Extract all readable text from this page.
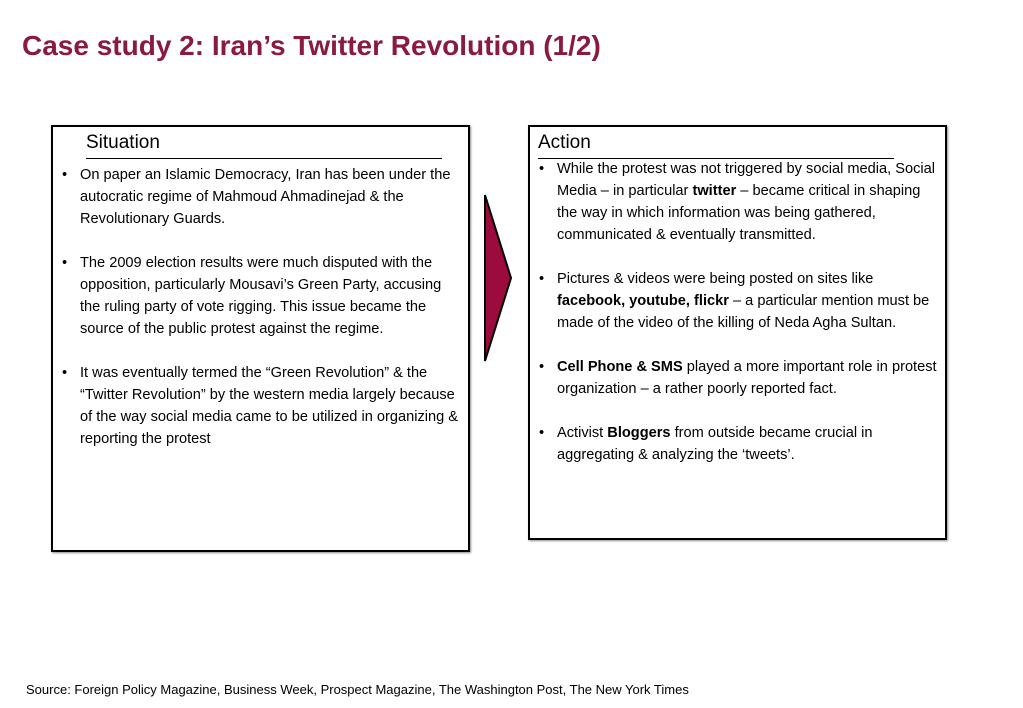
Case study 2: Iran’s Twitter Revolution (1/2)
Situation
• On paper an Islamic Democracy, Iran has been under the autocratic regime of Mahmoud Ahmadinejad & the Revolutionary Guards.
• The 2009 election results were much disputed with the opposition, particularly Mousavi’s Green Party, accusing the ruling party of vote rigging. This issue became the source of the public protest against the regime.
• It was eventually termed the “Green Revolution” & the “Twitter Revolution” by the western media largely because of the way social media came to be utilized in organizing & reporting the protest
Action
• While the protest was not triggered by social media, Social Media – in particular twitter – became critical in shaping the way in which information was being gathered, communicated & eventually transmitted.
• Pictures & videos were being posted on sites like facebook, youtube, flickr – a particular mention must be made of the video of the killing of Neda Agha Sultan.
• Cell Phone & SMS played a more important role in protest organization – a rather poorly reported fact.
• Activist Bloggers from outside became crucial in aggregating & analyzing the ‘tweets’.

Source: Foreign Policy Magazine, Business Week, Prospect Magazine, The Washington Post, The New York Times
